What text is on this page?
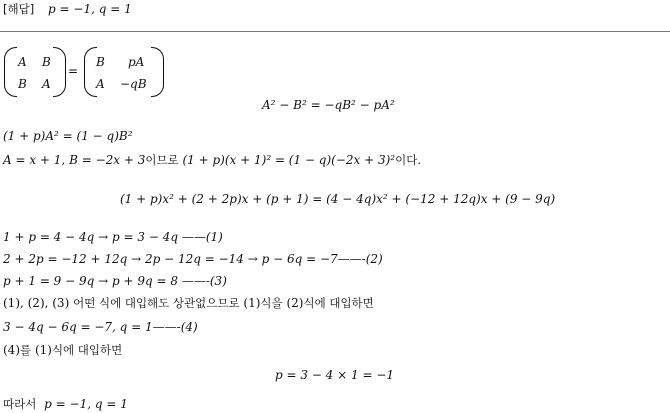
[해답] p = −1, q = 1
A B
B A
=
B pA
A −qB
A² − B² = −qB² − pA²
(1 + p)A² = (1 − q)B²
A = x + 1, B = −2x + 3이므로 (1 + p)(x + 1)² = (1 − q)(−2x + 3)²이다.
(1 + p)x² + (2 + 2p)x + (p + 1) = (4 − 4q)x² + (−12 + 12q)x + (9 − 9q)
1 + p = 4 − 4q → p = 3 − 4q ——(1)
2 + 2p = −12 + 12q → 2p − 12q = −14 → p − 6q = −7——-(2)
p + 1 = 9 − 9q → p + 9q = 8 ——-(3)
(1), (2), (3) 어떤 식에 대입해도 상관없으므로 (1)식을 (2)식에 대입하면
3 − 4q − 6q = −7, q = 1——-(4)
(4)를 (1)식에 대입하면
p = 3 − 4 × 1 = −1
따라서 p = −1, q = 1
